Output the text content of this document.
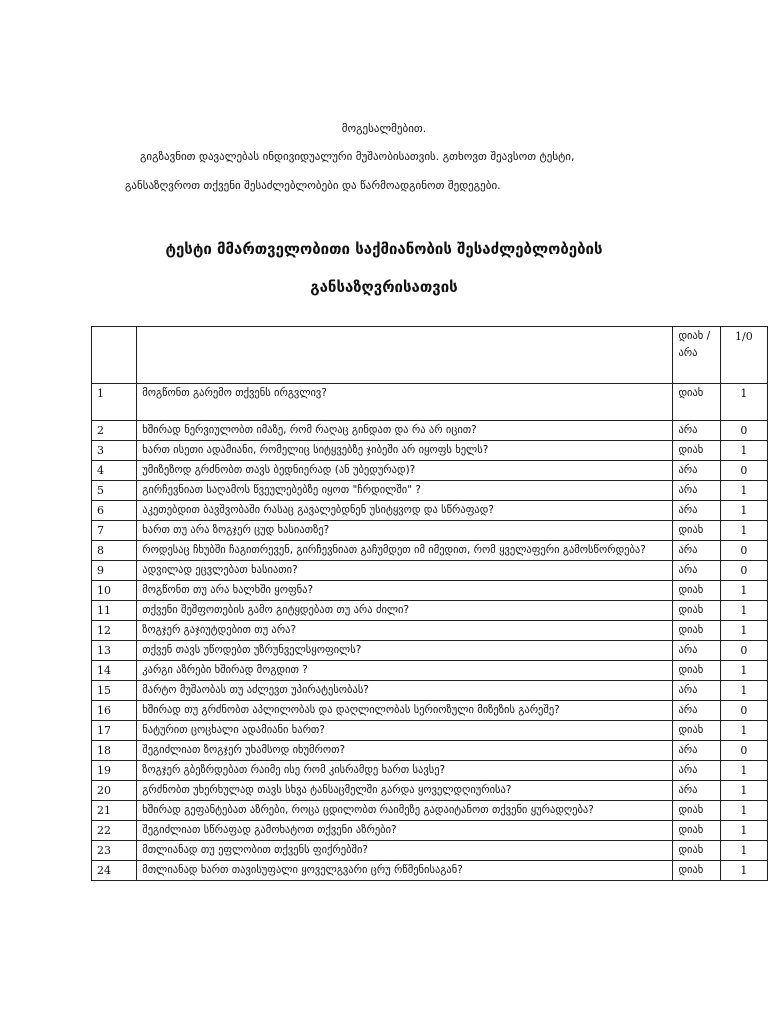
მოგესალმებით.
გიგზავნით დავალებას ინდივიდუალური მუშაობისათვის. გთხოვთ შეავსოთ ტესტი,
განსაზღვროთ თქვენი შესაძლებლობები და წარმოადგინოთ შედეგები.
ტესტი მმართველობითი საქმიანობის შესაძლებლობების
განსაზღვრისათვის
		დიახ / არა	1/0
1	მოგწონთ გარემო თქვენს ირგვლივ?	დიახ	1
2	ხშირად ნერვიულობთ იმაზე, რომ რაღაც გინდათ და რა არ იცით?	არა	0
3	ხართ ისეთი ადამიანი, რომელიც სიტყვებზე ჯიბეში არ იყოფს ხელს?	დიახ	1
4	უმიზეზოდ გრძნობთ თავს ბედნიერად (ან უბედურად)?	არა	0
5	გირჩევნიათ საღამოს წვეულებებზე იყოთ "ჩრდილში" ?	არა	1
6	აკეთებდით ბავშვობაში რასაც გავალებდნენ უსიტყვოდ და სწრაფად?	არა	1
7	ხართ თუ არა ზოგჯერ ცუდ ხასიათზე?	დიახ	1
8	როდესაც ჩხუბში ჩაგითრევენ, გირჩევნიათ გაჩუმდეთ იმ იმედით, რომ ყველაფერი გამოსწორდება?	არა	0
9	ადვილად ეცვლებათ ხასიათი?	არა	0
10	მოგწონთ თუ არა ხალხში ყოფნა?	დიახ	1
11	თქვენი შეშფოთების გამო გიტყდებათ თუ არა ძილი?	დიახ	1
12	ზოგჯერ გაჯიუტდებით თუ არა?	დიახ	1
13	თქვენ თავს უწოდებთ უზრუნველსყოფილს?	არა	0
14	კარგი აზრები ხშირად მოგდით ?	დიახ	1
15	მარტო მუშაობას თუ აძლევთ უპირატესობას?	არა	1
16	ხშირად თუ გრძნობთ აპლილობას და დაღლილობას სერიოზული მიზეზის გარეშე?	არა	0
17	ნატურით ცოცხალი ადამიანი ხართ?	დიახ	1
18	შეგიძლიათ ზოგჯერ უხამსოდ იხუმროთ?	არა	0
19	ზოგჯერ გბეზრდებათ რაიმე ისე რომ კისრამდე ხართ სავსე?	არა	1
20	გრძნობთ უხერხულად თავს სხვა ტანსაცმელში გარდა ყოველდღიურისა?	არა	1
21	ხშირად გეფანტებათ აზრები, როცა ცდილობთ რაიმეზე გადაიტანოთ თქვენი ყურადღება?	დიახ	1
22	შეგიძლიათ სწრაფად გამოხატოთ თქვენი აზრები?	დიახ	1
23	მთლიანად თუ ეფლობით თქვენს ფიქრებში?	დიახ	1
24	მთლიანად ხართ თავისუფალი ყოველგვარი ცრუ რწმენისაგან?	დიახ	1
